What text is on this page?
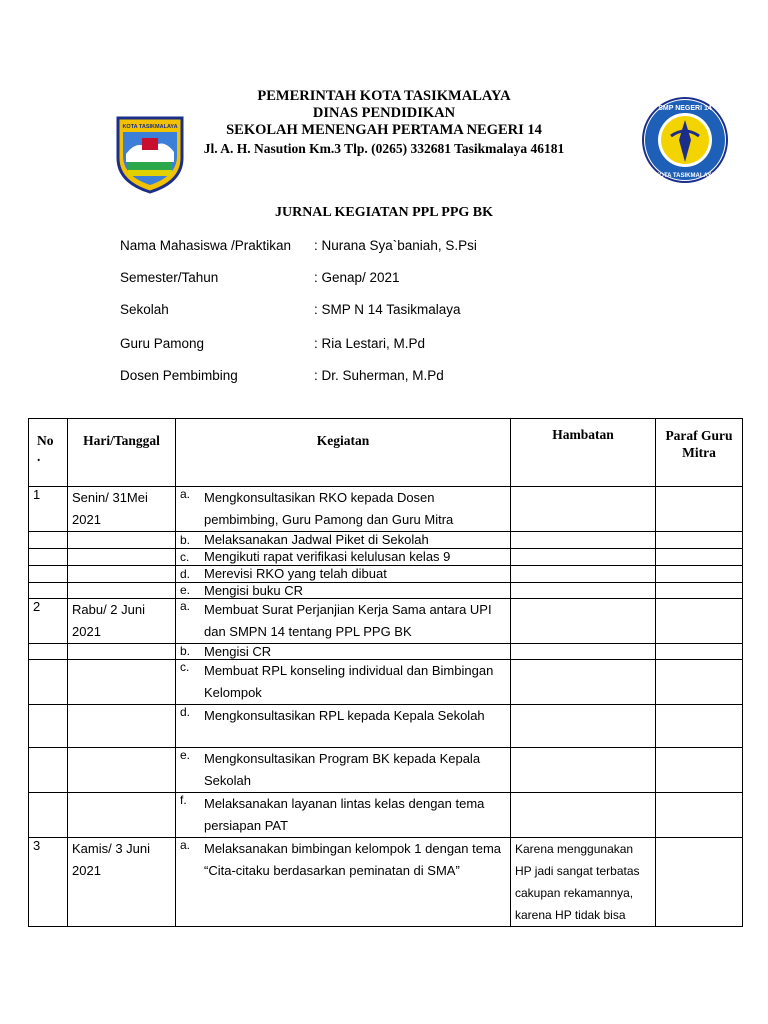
PEMERINTAH KOTA TASIKMALAYA
DINAS PENDIDIKAN
SEKOLAH MENENGAH PERTAMA NEGERI 14
Jl. A. H. Nasution Km.3 Tlp. (0265) 332681 Tasikmalaya 46181
KOTA TASIKMALAYA
SMP NEGERI 14
KOTA TASIKMALAYA
JURNAL KEGIATAN PPL PPG BK
Nama Mahasiswa /Praktikan : Nurana Sya`baniah, S.Psi
Semester/Tahun	: Genap/ 2021
Sekolah	: SMP N 14 Tasikmalaya
Guru Pamong	: Ria Lestari, M.Pd
Dosen Pembimbing	: Dr. Suherman, M.Pd
No
.	Hari/Tanggal	Kegiatan	Hambatan	Paraf Guru Mitra
1	Senin/ 31Mei 2021	a. Mengkonsultasikan RKO kepada Dosen pembimbing, Guru Pamong dan Guru Mitra		

		b. Melaksanakan Jadwal Piket di Sekolah		

		c. Mengikuti rapat verifikasi kelulusan kelas 9		

		d. Merevisi RKO yang telah dibuat		

		e. Mengisi buku CR		

2	Rabu/ 2 Juni 2021	a. Membuat Surat Perjanjian Kerja Sama antara UPI dan SMPN 14 tentang PPL PPG BK		

		b. Mengisi CR		

		c. Membuat RPL konseling individual dan Bimbingan Kelompok		

		d. Mengkonsultasikan RPL kepada Kepala Sekolah		

		e. Mengkonsultasikan Program BK kepada Kepala Sekolah		

		f. Melaksanakan layanan lintas kelas dengan tema persiapan PAT		

3	Kamis/ 3 Juni 2021	a. Melaksanakan bimbingan kelompok 1 dengan tema “Cita-citaku berdasarkan peminatan di SMA”	Karena menggunakan HP jadi sangat terbatas cakupan rekamannya, karena HP tidak bisa	
